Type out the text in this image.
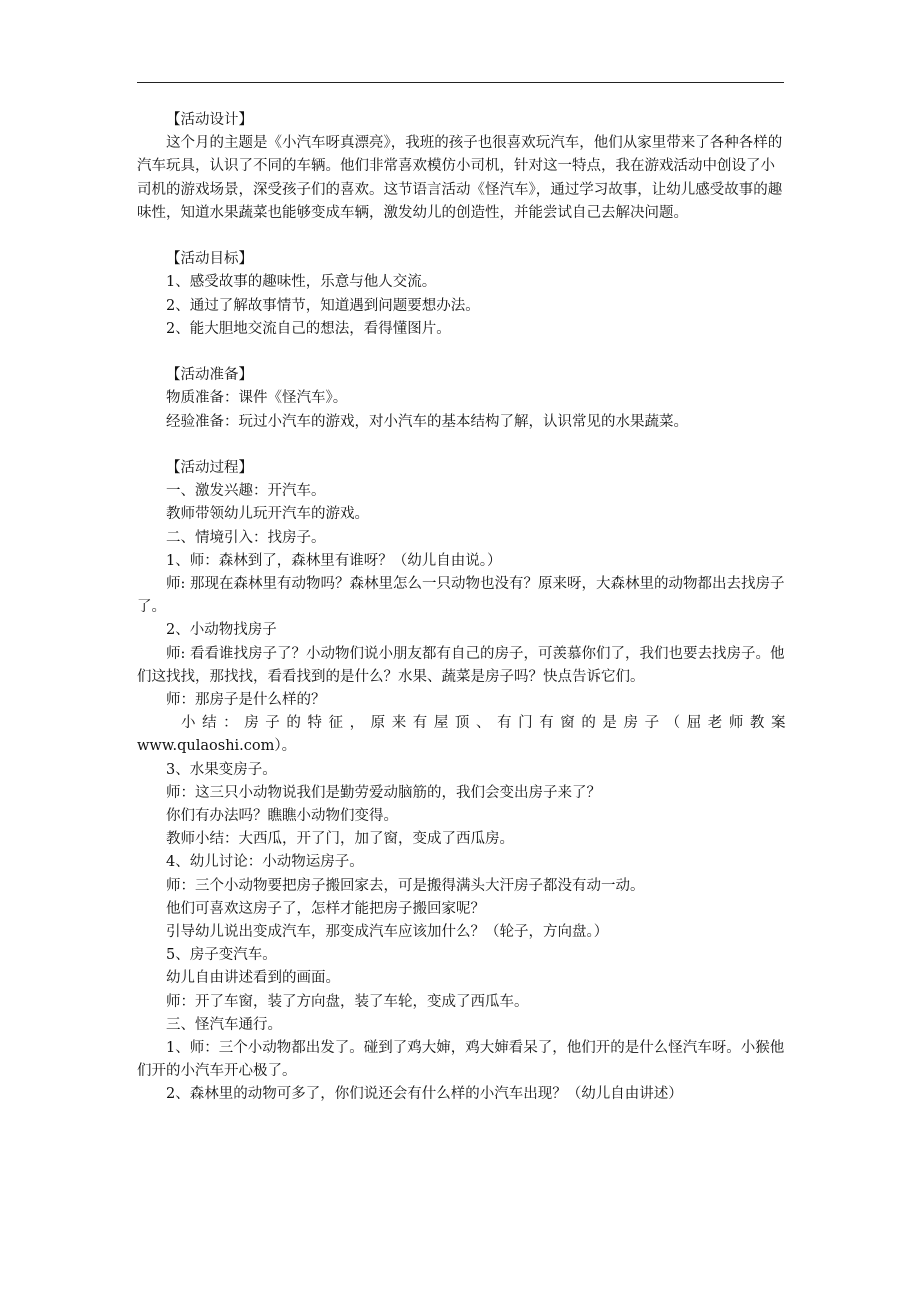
【活动设计】

这个月的主题是《小汽车呀真漂亮》，我班的孩子也很喜欢玩汽车，他们从家里带来了各种各样的汽车玩具，认识了不同的车辆。他们非常喜欢模仿小司机，针对这一特点，我在游戏活动中创设了小司机的游戏场景，深受孩子们的喜欢。这节语言活动《怪汽车》，通过学习故事，让幼儿感受故事的趣味性，知道水果蔬菜也能够变成车辆，激发幼儿的创造性，并能尝试自己去解决问题。

【活动目标】

1、感受故事的趣味性，乐意与他人交流。

2、通过了解故事情节，知道遇到问题要想办法。

2、能大胆地交流自己的想法，看得懂图片。

【活动准备】

物质准备：课件《怪汽车》。

经验准备：玩过小汽车的游戏，对小汽车的基本结构了解，认识常见的水果蔬菜。

【活动过程】

一、激发兴趣：开汽车。

教师带领幼儿玩开汽车的游戏。

二、情境引入：找房子。

1、师：森林到了，森林里有谁呀？（幼儿自由说。）

师: 那现在森林里有动物吗？森林里怎么一只动物也没有？原来呀，大森林里的动物都出去找房子了。

2、小动物找房子

师: 看看谁找房子了？小动物们说小朋友都有自己的房子，可羡慕你们了，我们也要去找房子。他们这找找，那找找，看看找到的是什么？水果、蔬菜是房子吗？快点告诉它们。

师：那房子是什么样的？

小结：房子的特征，原来有屋顶、有门有窗的是房子（屈老师教案

www.qulaoshi.com）。

3、水果变房子。

师：这三只小动物说我们是勤劳爱动脑筋的，我们会变出房子来了？

你们有办法吗？瞧瞧小动物们变得。

教师小结：大西瓜，开了门，加了窗，变成了西瓜房。

4、幼儿讨论：小动物运房子。

师：三个小动物要把房子搬回家去，可是搬得满头大汗房子都没有动一动。

他们可喜欢这房子了，怎样才能把房子搬回家呢？

引导幼儿说出变成汽车，那变成汽车应该加什么？（轮子，方向盘。）

5、房子变汽车。

幼儿自由讲述看到的画面。

师：开了车窗，装了方向盘，装了车轮，变成了西瓜车。

三、怪汽车通行。

1、师：三个小动物都出发了。碰到了鸡大婶，鸡大婶看呆了，他们开的是什么怪汽车呀。小猴他们开的小汽车开心极了。

2、森林里的动物可多了，你们说还会有什么样的小汽车出现？（幼儿自由讲述）
